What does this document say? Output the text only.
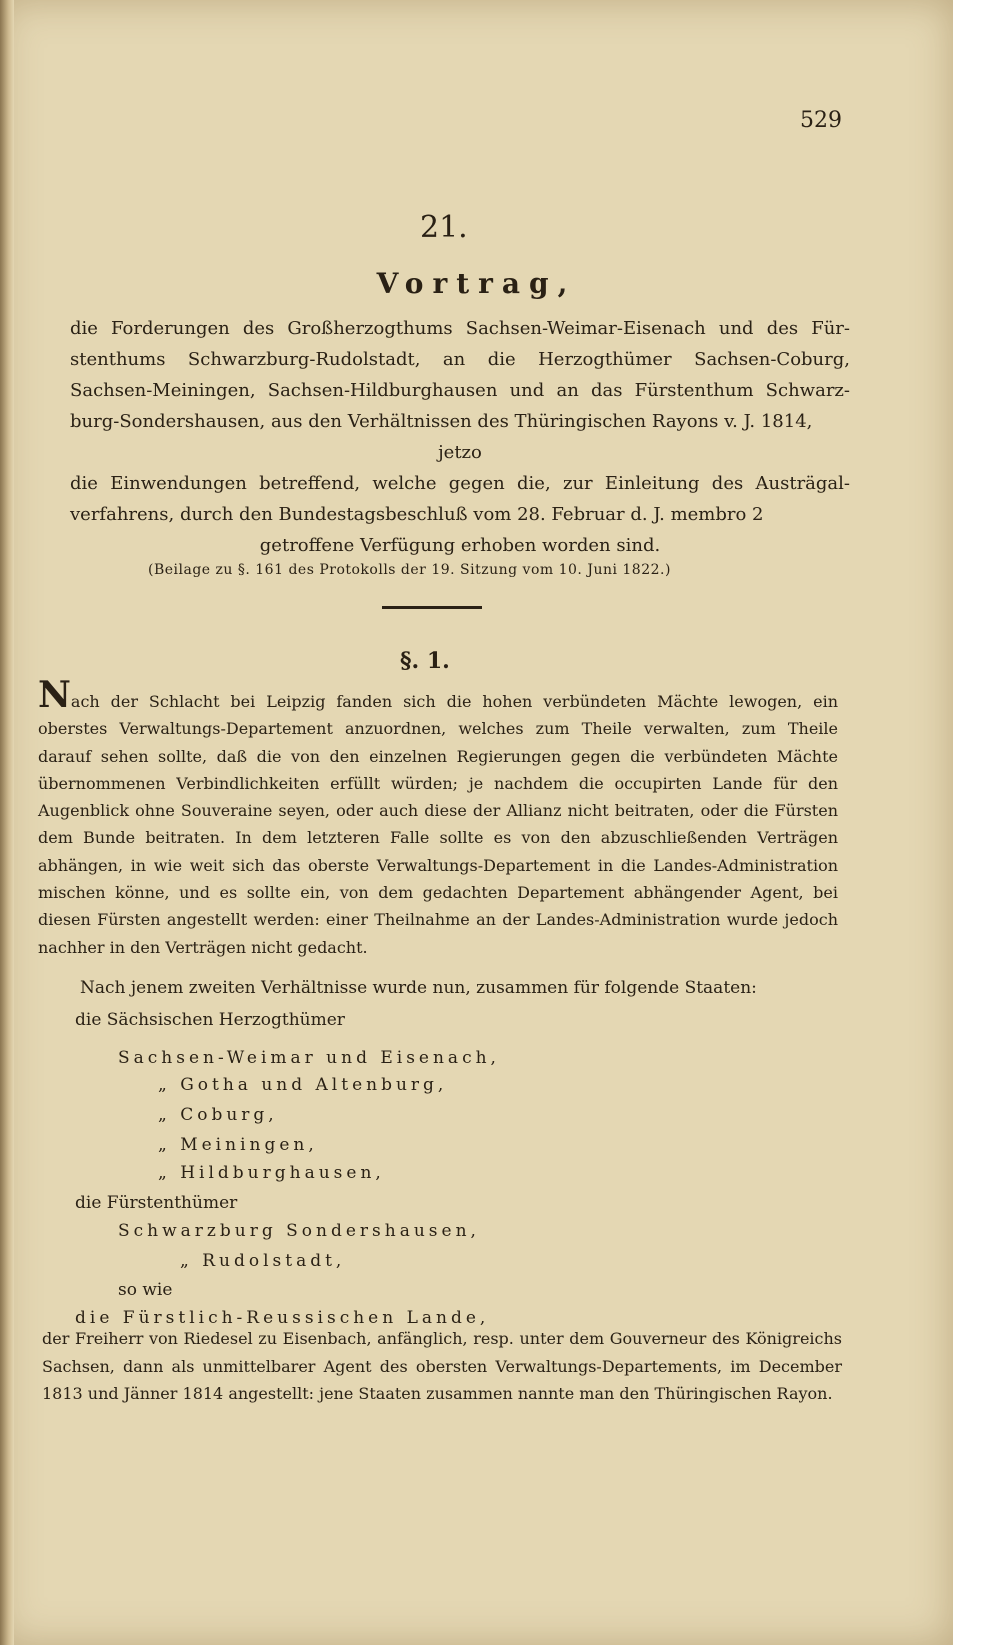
529
21.
Vortrag,
die Forderungen des Großherzogthums Sachsen-Weimar-Eisenach und des Für- stenthums Schwarzburg-Rudolstadt, an die Herzogthümer Sachsen-Coburg, Sachsen-Meiningen, Sachsen-Hildburghausen und an das Fürstenthum Schwarz- burg-Sondershausen, aus den Verhältnissen des Thüringischen Rayons v. J. 1814,
jetzo
die Einwendungen betreffend, welche gegen die, zur Einleitung des Austrägal- verfahrens, durch den Bundestagsbeschluß vom 28. Februar d. J. membro 2
getroffene Verfügung erhoben worden sind.
(Beilage zu §. 161 des Protokolls der 19. Sitzung vom 10. Juni 1822.)
§. 1.
Nach der Schlacht bei Leipzig fanden sich die hohen verbündeten Mächte lewogen, ein oberstes Verwaltungs-Departement anzuordnen, welches zum Theile verwalten, zum Theile darauf sehen sollte, daß die von den einzelnen Regierungen gegen die verbündeten Mächte übernommenen Verbindlichkeiten erfüllt würden; je nachdem die occupirten Lande für den Augenblick ohne Souveraine seyen, oder auch diese der Allianz nicht beitraten, oder die Fürsten dem Bunde beitraten. In dem letzteren Falle sollte es von den abzuschließenden Verträgen abhängen, in wie weit sich das oberste Verwaltungs-Departement in die Landes-Administration mischen könne, und es sollte ein, von dem gedachten Departement abhängender Agent, bei diesen Fürsten angestellt werden: einer Theilnahme an der Landes-Administration wurde jedoch nachher in den Verträgen nicht gedacht.
Nach jenem zweiten Verhältnisse wurde nun, zusammen für folgende Staaten:
die Sächsischen Herzogthümer
Sachsen-Weimar und Eisenach,
„ Gotha und Altenburg,
„ Coburg,
„ Meiningen,
„ Hildburghausen,
die Fürstenthümer
Schwarzburg Sondershausen,
„ Rudolstadt,
so wie
die Fürstlich-Reussischen Lande,
der Freiherr von Riedesel zu Eisenbach, anfänglich, resp. unter dem Gouverneur des Königreichs Sachsen, dann als unmittelbarer Agent des obersten Verwaltungs-Departements, im December 1813 und Jänner 1814 angestellt: jene Staaten zusammen nannte man den Thüringischen Rayon.
